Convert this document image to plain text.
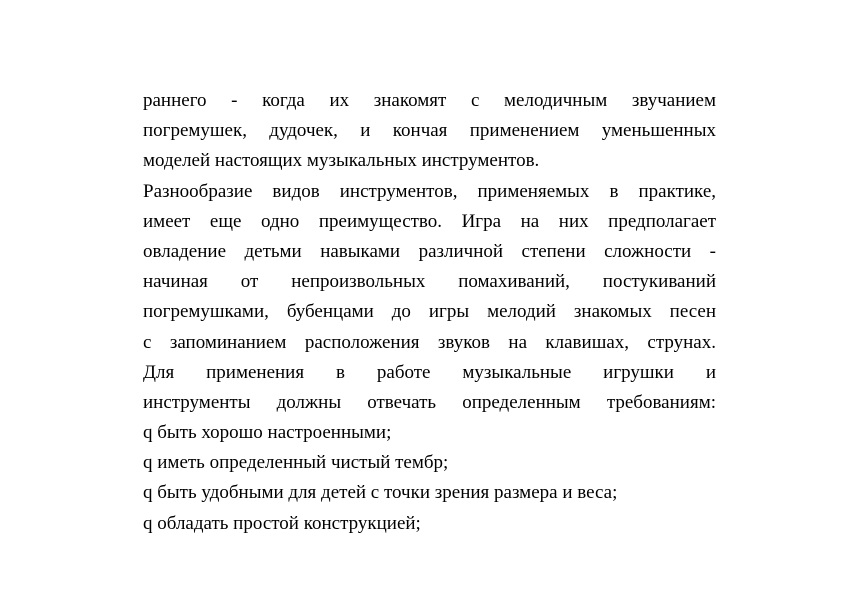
раннего - когда их знакомят с мелодичным звучанием
погремушек, дудочек, и кончая применением уменьшенных
моделей настоящих музыкальных инструментов.
Разнообразие видов инструментов, применяемых в практике,
имеет еще одно преимущество. Игра на них предполагает
овладение детьми навыками различной степени сложности -
начиная от непроизвольных помахиваний, постукиваний
погремушками, бубенцами до игры мелодий знакомых песен
с запоминанием расположения звуков на клавишах, струнах.
Для применения в работе музыкальные игрушки и
инструменты должны отвечать определенным требованиям:
q быть хорошо настроенными;
q иметь определенный чистый тембр;
q быть удобными для детей с точки зрения размера и веса;
q обладать простой конструкцией;
